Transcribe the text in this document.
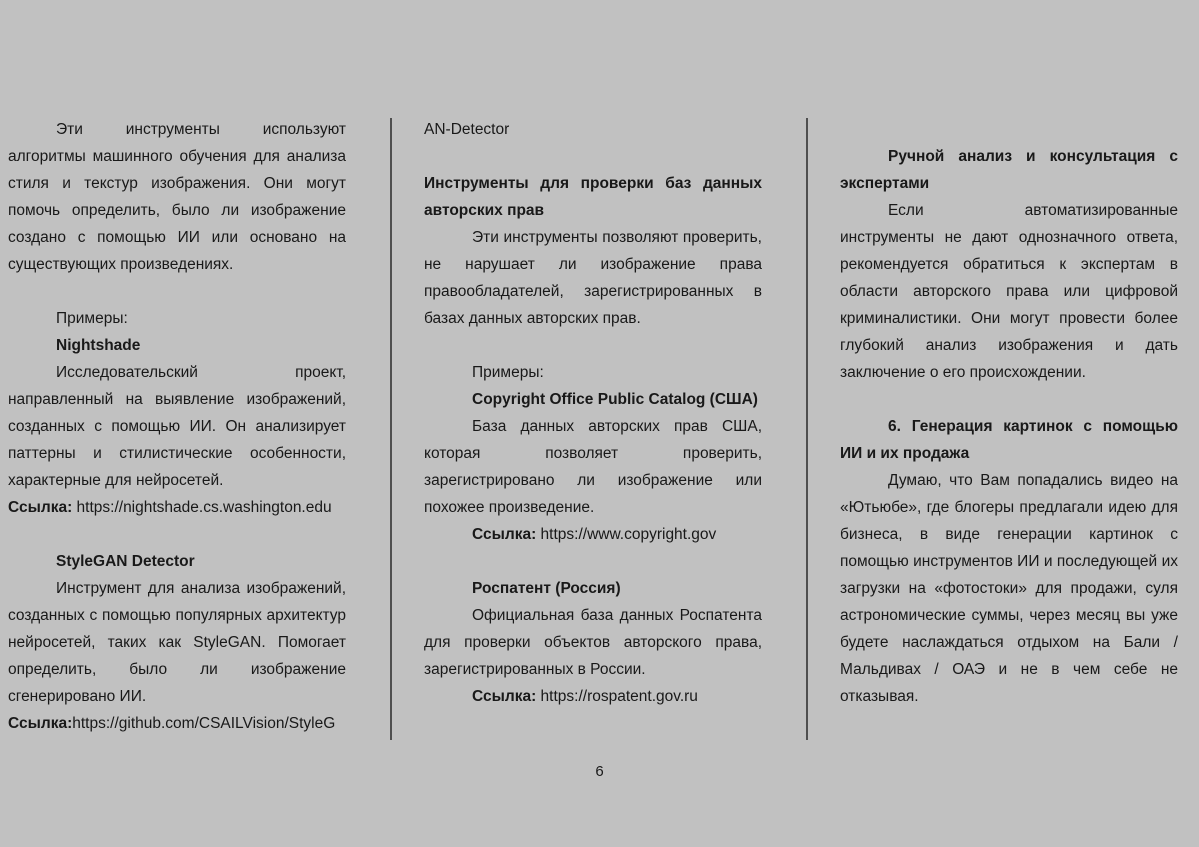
Эти инструменты используют алгоритмы машинного обучения для анализа стиля и текстур изображения. Они могут помочь определить, было ли изображение создано с помощью ИИ или основано на существующих произведениях.

Примеры:

Nightshade

Исследовательский проект, направленный на выявление изображений, созданных с помощью ИИ. Он анализирует паттерны и стилистические особенности, характерные для нейросетей.

Ссылка: https://nightshade.cs.washington.edu

StyleGAN Detector

Инструмент для анализа изображений, созданных с помощью популярных архитектур нейросетей, таких как StyleGAN. Помогает определить, было ли изображение сгенерировано ИИ.

Ссылка:https://github.com/CSAILVision/StyleG

AN-Detector

Инструменты для проверки баз данных авторских прав

Эти инструменты позволяют проверить, не нарушает ли изображение права правообладателей, зарегистрированных в базах данных авторских прав.

Примеры:

Copyright Office Public Catalog (США)

База данных авторских прав США, которая позволяет проверить, зарегистрировано ли изображение или похожее произведение.

Ссылка: https://www.copyright.gov

Роспатент (Россия)

Официальная база данных Роспатента для проверки объектов авторского права, зарегистрированных в России.

Ссылка: https://rospatent.gov.ru

Ручной анализ и консультация с экспертами

Если автоматизированные инструменты не дают однозначного ответа, рекомендуется обратиться к экспертам в области авторского права или цифровой криминалистики. Они могут провести более глубокий анализ изображения и дать заключение о его происхождении.

6. Генерация картинок с помощью ИИ и их продажа

Думаю, что Вам попадались видео на «Ютьюбе», где блогеры предлагали идею для бизнеса, в виде генерации картинок с помощью инструментов ИИ и последующей их загрузки на «фотостоки» для продажи, суля астрономические суммы, через месяц вы уже будете наслаждаться отдыхом на Бали / Мальдивах / ОАЭ и не в чем себе не отказывая.

6
